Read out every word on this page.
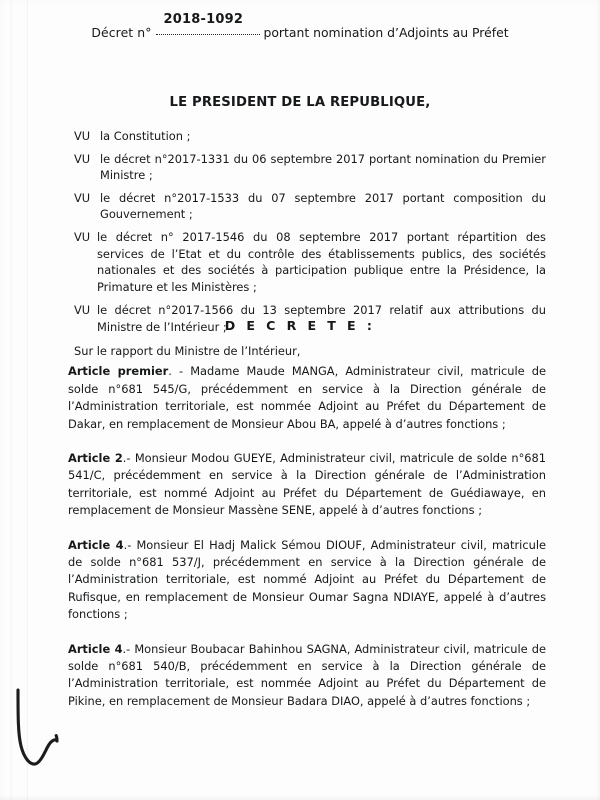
Décret n°
2018-1092
portant nomination d’Adjoints au Préfet
LE PRESIDENT DE LA REPUBLIQUE,
VU la Constitution ;
VU le décret n°2017-1331 du 06 septembre 2017 portant nomination du Premier Ministre ;
VU le décret n°2017-1533 du 07 septembre 2017 portant composition du Gouvernement ;
VU le décret n° 2017-1546 du 08 septembre 2017 portant répartition des services de l’Etat et du contrôle des établissements publics, des sociétés nationales et des sociétés à participation publique entre la Présidence, la Primature et les Ministères ;
VU le décret n°2017-1566 du 13 septembre 2017 relatif aux attributions du Ministre de l’Intérieur ;
Sur le rapport du Ministre de l’Intérieur,
D E C R E T E :

Article premier. - Madame Maude MANGA, Administrateur civil, matricule de solde n°681 545/G, précédemment en service à la Direction générale de l’Administration territoriale, est nommée Adjoint au Préfet du Département de Dakar, en remplacement de Monsieur Abou BA, appelé à d’autres fonctions ;

Article 2.- Monsieur Modou GUEYE, Administrateur civil, matricule de solde n°681 541/C, précédemment en service à la Direction générale de l’Administration territoriale, est nommé Adjoint au Préfet du Département de Guédiawaye, en remplacement de Monsieur Massène SENE, appelé à d’autres fonctions ;

Article 4.- Monsieur El Hadj Malick Sémou DIOUF, Administrateur civil, matricule de solde n°681 537/J, précédemment en service à la Direction générale de l’Administration territoriale, est nommé Adjoint au Préfet du Département de Rufisque, en remplacement de Monsieur Oumar Sagna NDIAYE, appelé à d’autres fonctions ;

Article 4.- Monsieur Boubacar Bahinhou SAGNA, Administrateur civil, matricule de solde n°681 540/B, précédemment en service à la Direction générale de l’Administration territoriale, est nommée Adjoint au Préfet du Département de Pikine, en remplacement de Monsieur Badara DIAO, appelé à d’autres fonctions ;
